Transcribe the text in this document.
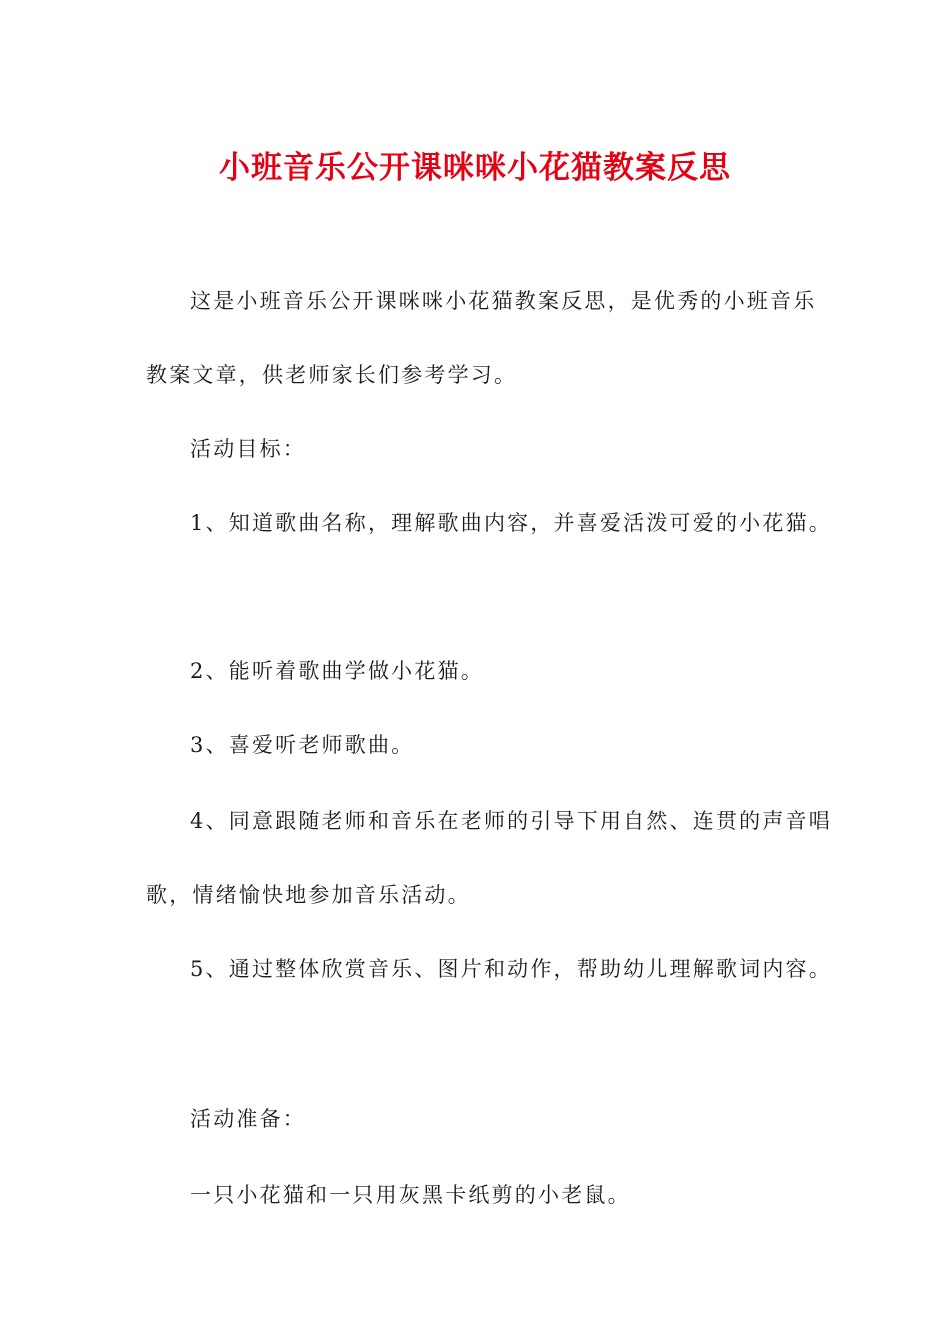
小班音乐公开课咪咪小花猫教案反思
这是小班音乐公开课咪咪小花猫教案反思，是优秀的小班音乐
教案文章，供老师家长们参考学习。
活动目标：
1、知道歌曲名称，理解歌曲内容，并喜爱活泼可爱的小花猫。
2、能听着歌曲学做小花猫。
3、喜爱听老师歌曲。
4、同意跟随老师和音乐在老师的引导下用自然、连贯的声音唱
歌，情绪愉快地参加音乐活动。
5、通过整体欣赏音乐、图片和动作，帮助幼儿理解歌词内容。
活动准备：
一只小花猫和一只用灰黑卡纸剪的小老鼠。
